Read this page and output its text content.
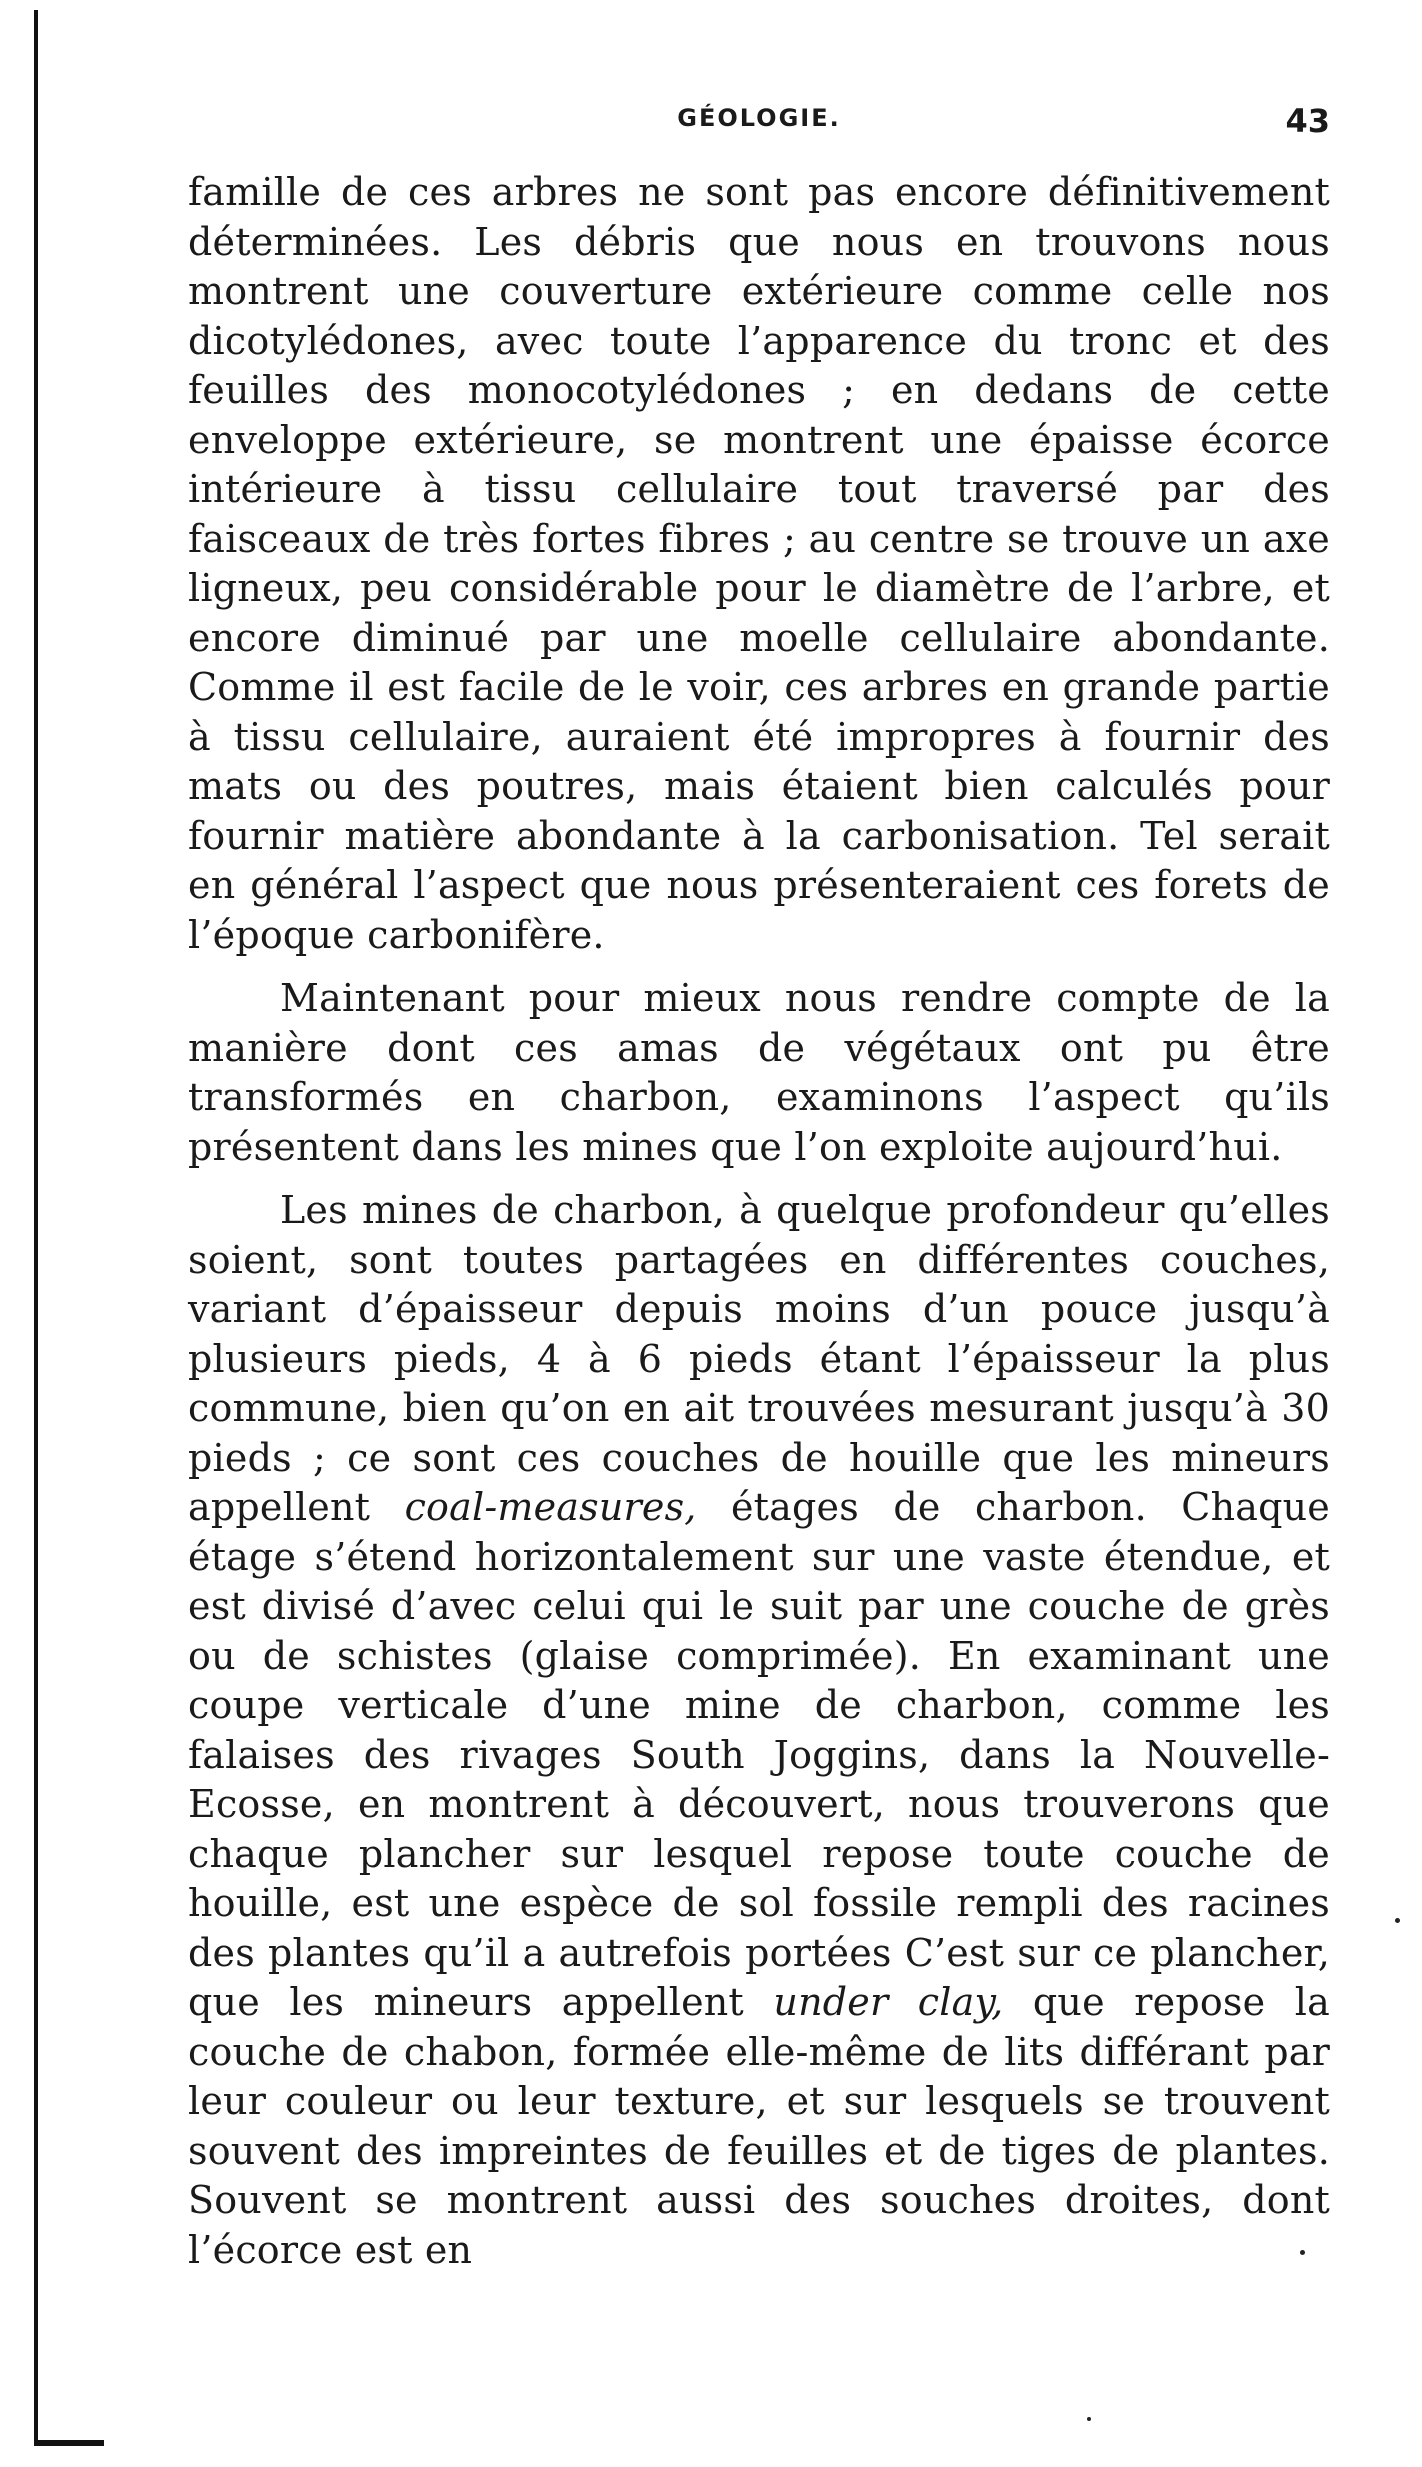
GÉOLOGIE.	43

famille de ces arbres ne sont pas encore définitivement déterminées. Les débris que nous en trouvons nous montrent une couverture extérieure comme celle nos dicotylédones, avec toute l’apparence du tronc et des feuilles des monocotylédones ; en dedans de cette enveloppe extérieure, se montrent une épaisse écorce intérieure à tissu cellulaire tout traversé par des faisceaux de très fortes fibres ; au centre se trouve un axe ligneux, peu considérable pour le diamètre de l’arbre, et encore diminué par une moelle cellulaire abondante. Comme il est facile de le voir, ces arbres en grande partie à tissu cellulaire, auraient été impropres à fournir des mats ou des poutres, mais étaient bien calculés pour fournir matière abondante à la carbonisation. Tel serait en général l’aspect que nous présenteraient ces forets de l’époque carbonifère.

Maintenant pour mieux nous rendre compte de la manière dont ces amas de végétaux ont pu être transformés en charbon, examinons l’aspect qu’ils présentent dans les mines que l’on exploite aujourd’hui.

Les mines de charbon, à quelque profondeur qu’elles soient, sont toutes partagées en différentes couches, variant d’épaisseur depuis moins d’un pouce jusqu’à plusieurs pieds, 4 à 6 pieds étant l’épaisseur la plus commune, bien qu’on en ait trouvées mesurant jusqu’à 30 pieds ; ce sont ces couches de houille que les mineurs appellent coal-measures, étages de charbon. Chaque étage s’étend horizontalement sur une vaste étendue, et est divisé d’avec celui qui le suit par une couche de grès ou de schistes (glaise comprimée). En examinant une coupe verticale d’une mine de charbon, comme les falaises des rivages South Joggins, dans la Nouvelle-Ecosse, en montrent à découvert, nous trouverons que chaque plancher sur lesquel repose toute couche de houille, est une espèce de sol fossile rempli des racines des plantes qu’il a autrefois portées C’est sur ce plancher, que les mineurs appellent under clay, que repose la couche de chabon, formée elle-même de lits différant par leur couleur ou leur texture, et sur lesquels se trouvent souvent des impreintes de feuilles et de tiges de plantes. Souvent se montrent aussi des souches droites, dont l’écorce est en
